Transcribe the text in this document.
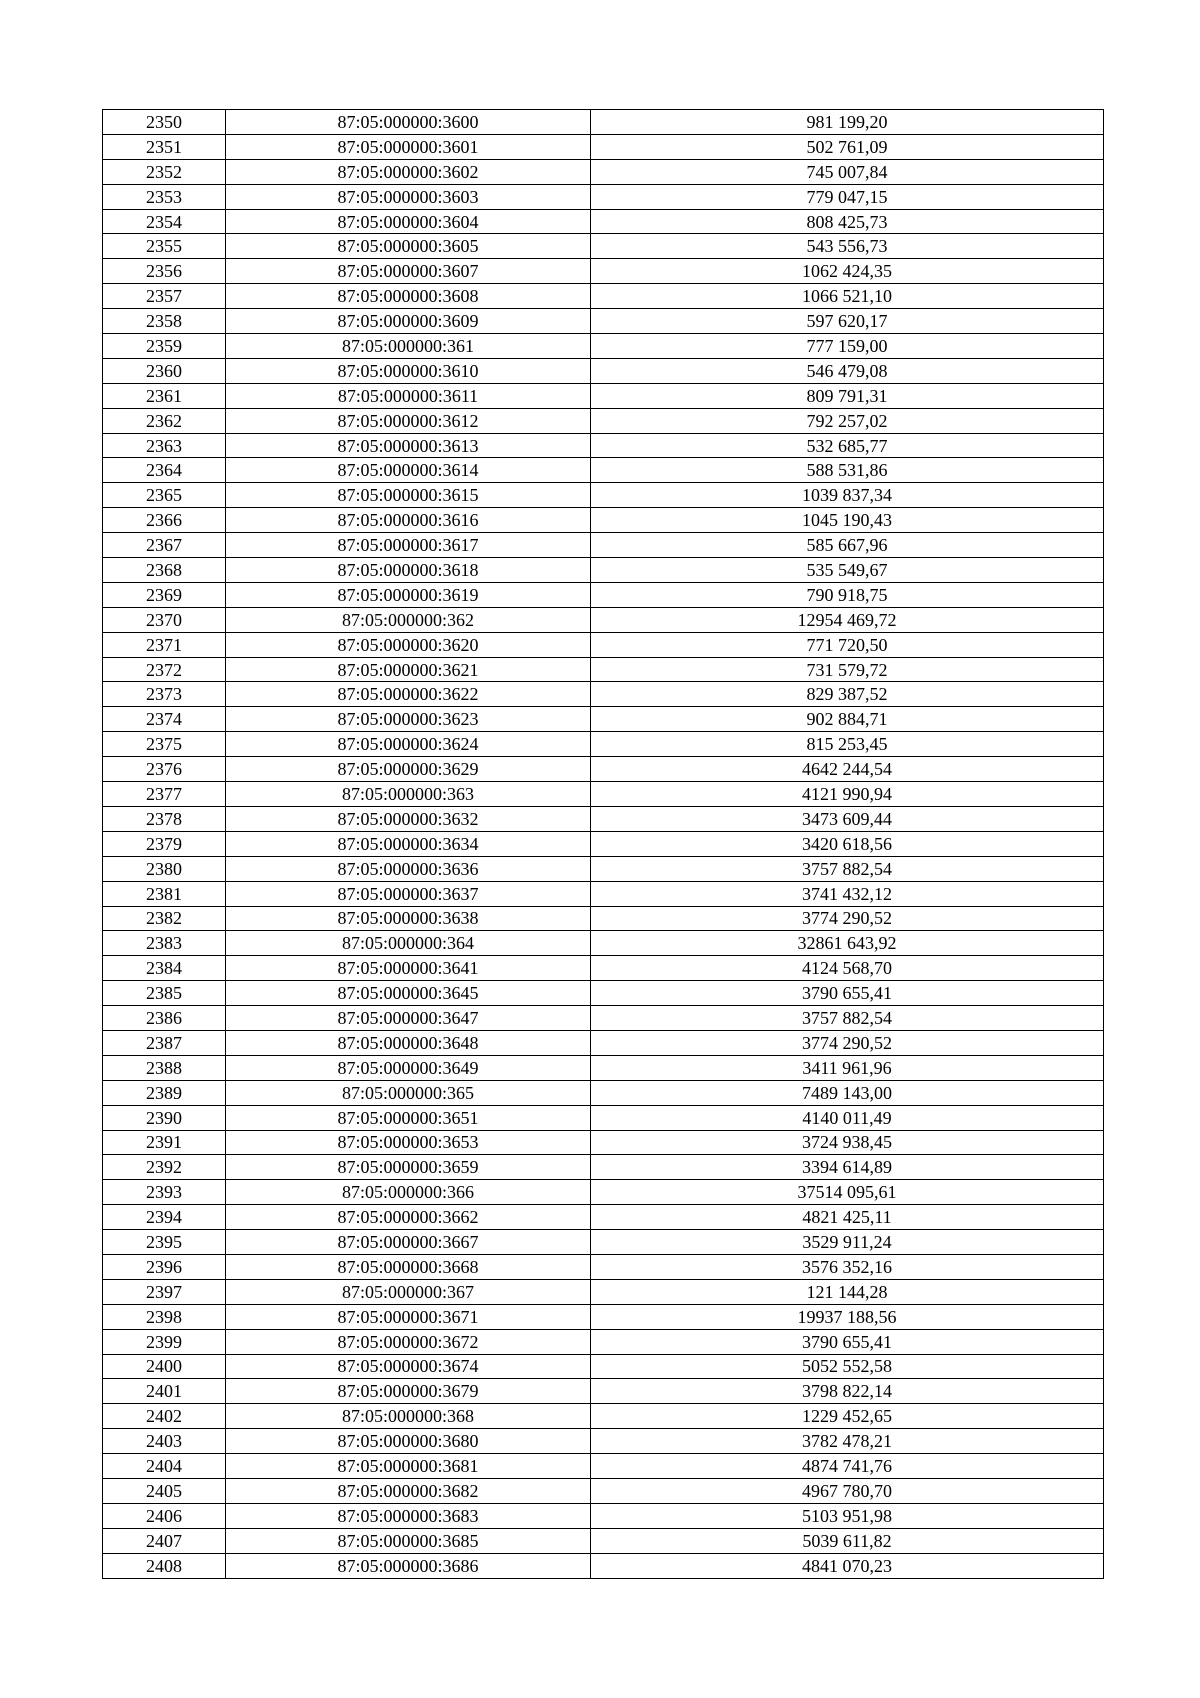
2350	87:05:000000:3600	981 199,20
2351	87:05:000000:3601	502 761,09
2352	87:05:000000:3602	745 007,84
2353	87:05:000000:3603	779 047,15
2354	87:05:000000:3604	808 425,73
2355	87:05:000000:3605	543 556,73
2356	87:05:000000:3607	1062 424,35
2357	87:05:000000:3608	1066 521,10
2358	87:05:000000:3609	597 620,17
2359	87:05:000000:361	777 159,00
2360	87:05:000000:3610	546 479,08
2361	87:05:000000:3611	809 791,31
2362	87:05:000000:3612	792 257,02
2363	87:05:000000:3613	532 685,77
2364	87:05:000000:3614	588 531,86
2365	87:05:000000:3615	1039 837,34
2366	87:05:000000:3616	1045 190,43
2367	87:05:000000:3617	585 667,96
2368	87:05:000000:3618	535 549,67
2369	87:05:000000:3619	790 918,75
2370	87:05:000000:362	12954 469,72
2371	87:05:000000:3620	771 720,50
2372	87:05:000000:3621	731 579,72
2373	87:05:000000:3622	829 387,52
2374	87:05:000000:3623	902 884,71
2375	87:05:000000:3624	815 253,45
2376	87:05:000000:3629	4642 244,54
2377	87:05:000000:363	4121 990,94
2378	87:05:000000:3632	3473 609,44
2379	87:05:000000:3634	3420 618,56
2380	87:05:000000:3636	3757 882,54
2381	87:05:000000:3637	3741 432,12
2382	87:05:000000:3638	3774 290,52
2383	87:05:000000:364	32861 643,92
2384	87:05:000000:3641	4124 568,70
2385	87:05:000000:3645	3790 655,41
2386	87:05:000000:3647	3757 882,54
2387	87:05:000000:3648	3774 290,52
2388	87:05:000000:3649	3411 961,96
2389	87:05:000000:365	7489 143,00
2390	87:05:000000:3651	4140 011,49
2391	87:05:000000:3653	3724 938,45
2392	87:05:000000:3659	3394 614,89
2393	87:05:000000:366	37514 095,61
2394	87:05:000000:3662	4821 425,11
2395	87:05:000000:3667	3529 911,24
2396	87:05:000000:3668	3576 352,16
2397	87:05:000000:367	121 144,28
2398	87:05:000000:3671	19937 188,56
2399	87:05:000000:3672	3790 655,41
2400	87:05:000000:3674	5052 552,58
2401	87:05:000000:3679	3798 822,14
2402	87:05:000000:368	1229 452,65
2403	87:05:000000:3680	3782 478,21
2404	87:05:000000:3681	4874 741,76
2405	87:05:000000:3682	4967 780,70
2406	87:05:000000:3683	5103 951,98
2407	87:05:000000:3685	5039 611,82
2408	87:05:000000:3686	4841 070,23
